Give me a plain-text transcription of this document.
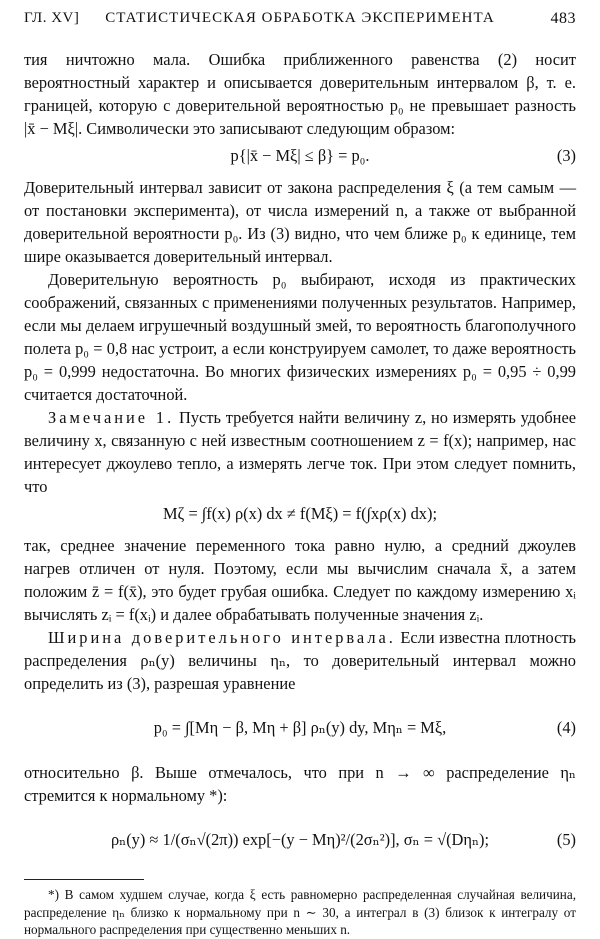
ГЛ. XV]	СТАТИСТИЧЕСКАЯ ОБРАБОТКА ЭКСПЕРИМЕНТА	483

тия ничтожно мала. Ошибка приближенного равенства (2) носит вероятностный характер и описывается доверительным интервалом β, т. е. границей, которую с доверительной вероятностью p₀ не превышает разность |x̄ − Mξ|. Символически это записывают следующим образом:

p{|x̄ − Mξ| ≤ β} = p₀.	(3)

Доверительный интервал зависит от закона распределения ξ (а тем самым — от постановки эксперимента), от числа измерений n, а также от выбранной доверительной вероятности p₀. Из (3) видно, что чем ближе p₀ к единице, тем шире оказывается доверительный интервал.

Доверительную вероятность p₀ выбирают, исходя из практических соображений, связанных с применениями полученных результатов. Например, если мы делаем игрушечный воздушный змей, то вероятность благополучного полета p₀ = 0,8 нас устроит, а если конструируем самолет, то даже вероятность p₀ = 0,999 недостаточна. Во многих физических измерениях p₀ = 0,95 ÷ 0,99 считается достаточной.

Замечание 1. Пусть требуется найти величину z, но измерять удобнее величину x, связанную с ней известным соотношением z = f(x); например, нас интересует джоулево тепло, а измерять легче ток. При этом следует помнить, что

Mζ = ∫f(x) ρ(x) dx ≠ f(Mξ) = f(∫xρ(x) dx);

так, среднее значение переменного тока равно нулю, а средний джоулев нагрев отличен от нуля. Поэтому, если мы вычислим сначала x̄, а затем положим z̄ = f(x̄), это будет грубая ошибка. Следует по каждому измерению xᵢ вычислять zᵢ = f(xᵢ) и далее обрабатывать полученные значения zᵢ.

Ширина доверительного интервала. Если известна плотность распределения ρₙ(y) величины ηₙ, то доверительный интервал можно определить из (3), разрешая уравнение

p₀ = ∫[Mη − β, Mη + β] ρₙ(y) dy, Mηₙ = Mξ,	(4)

относительно β. Выше отмечалось, что при n → ∞ распределение ηₙ стремится к нормальному *):

ρₙ(y) ≈ 1/(σₙ√(2π)) exp[−(y − Mη)²/(2σₙ²)], σₙ = √(Dηₙ);	(5)

*) В самом худшем случае, когда ξ есть равномерно распределенная случайная величина, распределение ηₙ близко к нормальному при n ∼ 30, а интеграл в (3) близок к интегралу от нормального распределения при существенно меньших n.
